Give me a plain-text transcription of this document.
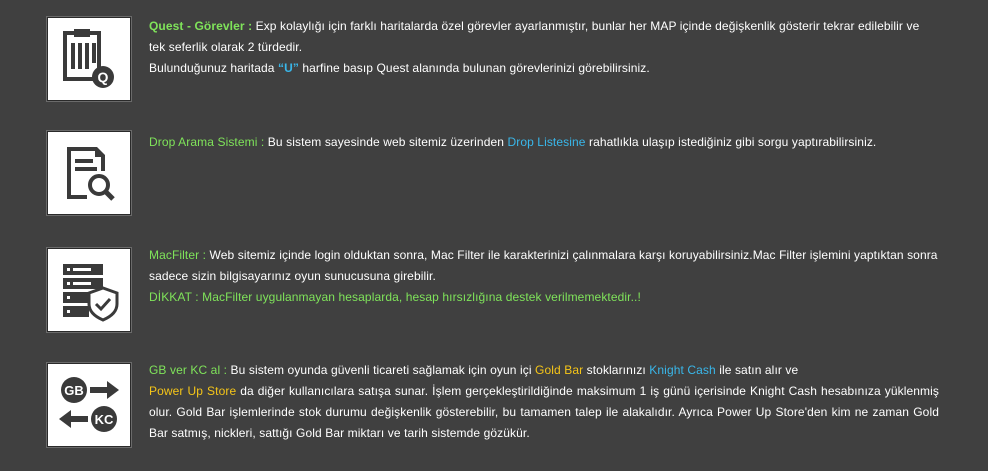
Q

Quest - Görevler : Exp kolaylığı için farklı haritalarda özel görevler ayarlanmıştır, bunlar her MAP içinde değişkenlik gösterir tekrar edilebilir ve tek seferlik olarak 2 türdedir.

Bulunduğunuz haritada “U” harfine basıp Quest alanında bulunan görevlerinizi görebilirsiniz.

Drop Arama Sistemi : Bu sistem sayesinde web sitemiz üzerinden Drop Listesine rahatlıkla ulaşıp istediğiniz gibi sorgu yaptırabilirsiniz.

MacFilter : Web sitemiz içinde login olduktan sonra, Mac Filter ile karakterinizi çalınmalara karşı koruyabilirsiniz.Mac Filter işlemini yaptıktan sonra sadece sizin bilgisayarınız oyun sunucusuna girebilir.

DİKKAT : MacFilter uygulanmayan hesaplarda, hesap hırsızlığına destek verilmemektedir..!

GB
KC

GB ver KC al : Bu sistem oyunda güvenli ticareti sağlamak için oyun içi Gold Bar stoklarınızı Knight Cash ile satın alır ve

Power Up Store da diğer kullanıcılara satışa sunar. İşlem gerçekleştirildiğinde maksimum 1 iş günü içerisinde Knight Cash hesabınıza yüklenmiş olur. Gold Bar işlemlerinde stok durumu değişkenlik gösterebilir, bu tamamen talep ile alakalıdır. Ayrıca Power Up Store'den kim ne zaman Gold Bar satmış, nickleri, sattığı Gold Bar miktarı ve tarih sistemde gözükür.
